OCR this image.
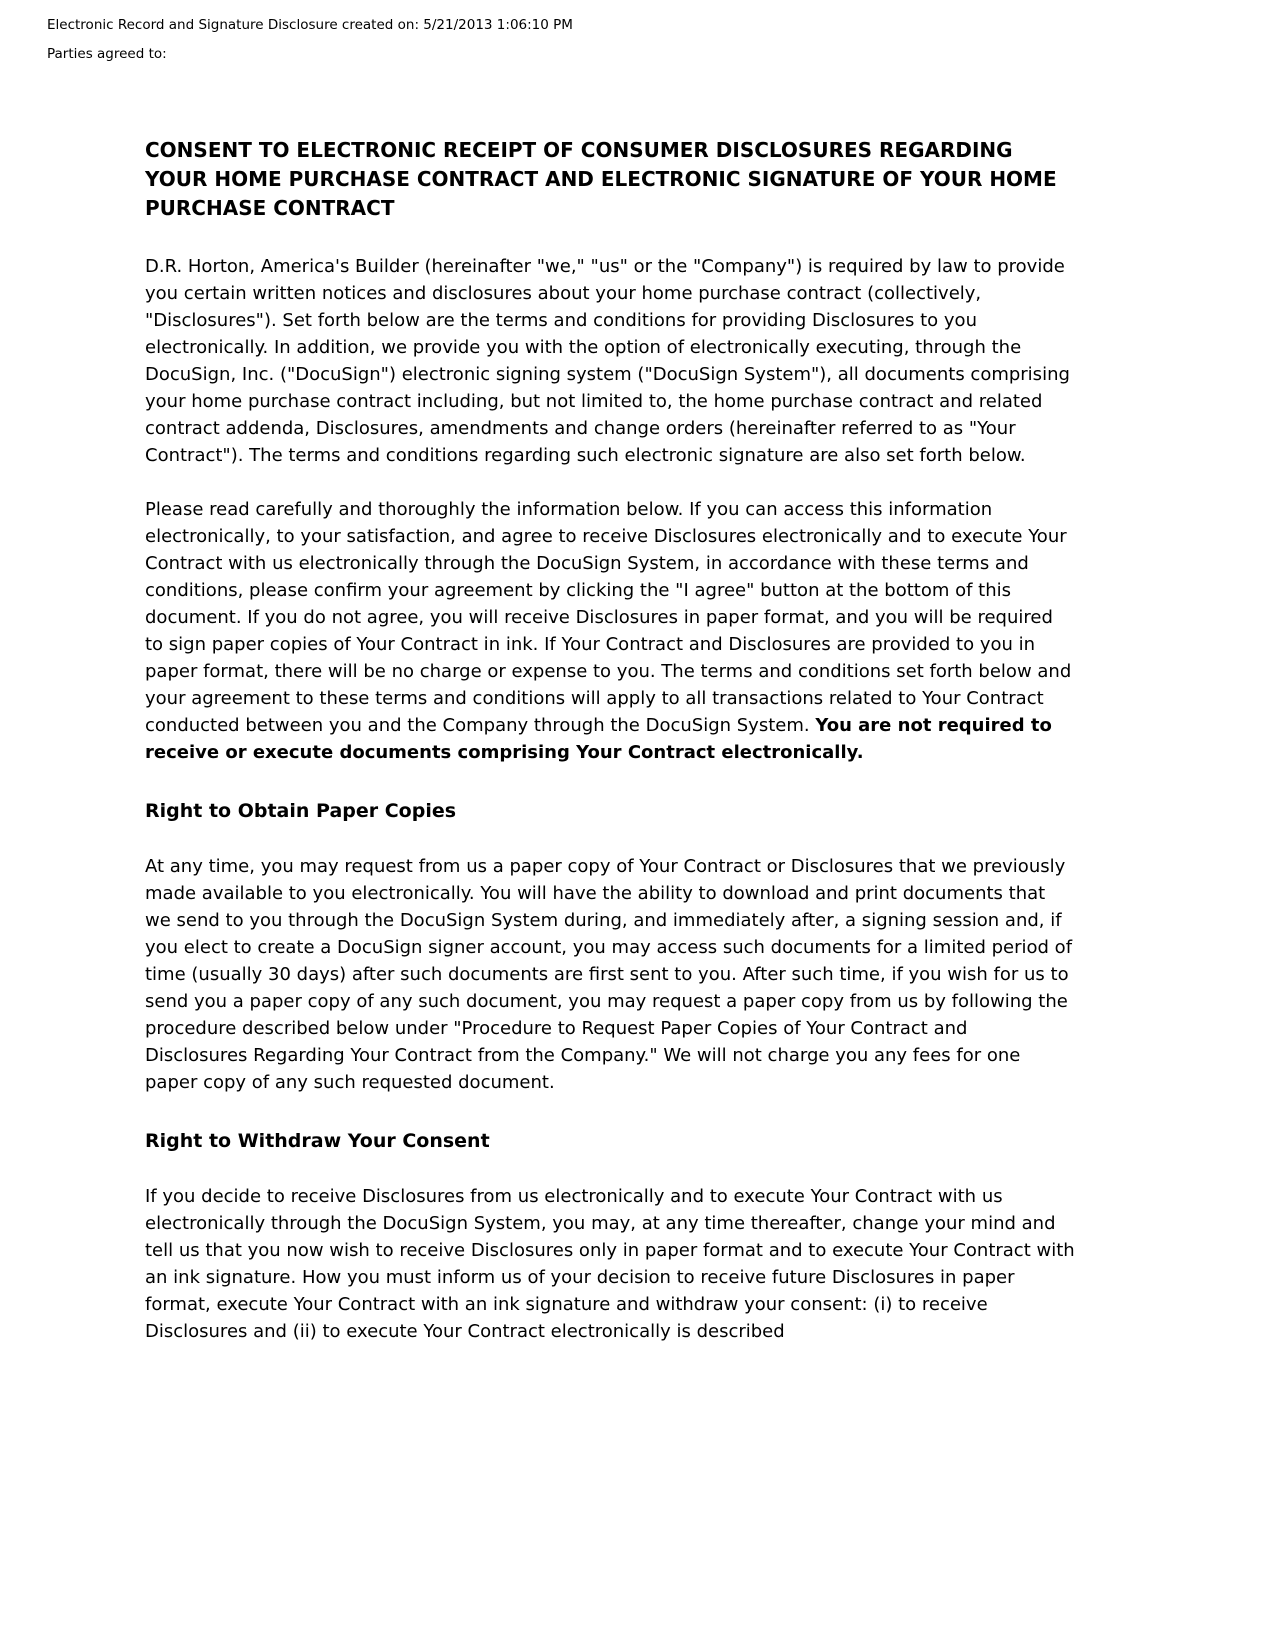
Electronic Record and Signature Disclosure created on: 5/21/2013 1:06:10 PM
Parties agreed to:
CONSENT TO ELECTRONIC RECEIPT OF CONSUMER DISCLOSURES REGARDING YOUR HOME PURCHASE CONTRACT AND ELECTRONIC SIGNATURE OF YOUR HOME PURCHASE CONTRACT

D.R. Horton, America's Builder (hereinafter "we," "us" or the "Company") is required by law to provide you certain written notices and disclosures about your home purchase contract (collectively, "Disclosures"). Set forth below are the terms and conditions for providing Disclosures to you electronically. In addition, we provide you with the option of electronically executing, through the DocuSign, Inc. ("DocuSign") electronic signing system ("DocuSign System"), all documents comprising your home purchase contract including, but not limited to, the home purchase contract and related contract addenda, Disclosures, amendments and change orders (hereinafter referred to as "Your Contract"). The terms and conditions regarding such electronic signature are also set forth below.

Please read carefully and thoroughly the information below. If you can access this information electronically, to your satisfaction, and agree to receive Disclosures electronically and to execute Your Contract with us electronically through the DocuSign System, in accordance with these terms and conditions, please confirm your agreement by clicking the "I agree" button at the bottom of this document. If you do not agree, you will receive Disclosures in paper format, and you will be required to sign paper copies of Your Contract in ink. If Your Contract and Disclosures are provided to you in paper format, there will be no charge or expense to you. The terms and conditions set forth below and your agreement to these terms and conditions will apply to all transactions related to Your Contract conducted between you and the Company through the DocuSign System. You are not required to receive or execute documents comprising Your Contract electronically.

Right to Obtain Paper Copies

At any time, you may request from us a paper copy of Your Contract or Disclosures that we previously made available to you electronically. You will have the ability to download and print documents that we send to you through the DocuSign System during, and immediately after, a signing session and, if you elect to create a DocuSign signer account, you may access such documents for a limited period of time (usually 30 days) after such documents are first sent to you. After such time, if you wish for us to send you a paper copy of any such document, you may request a paper copy from us by following the procedure described below under "Procedure to Request Paper Copies of Your Contract and Disclosures Regarding Your Contract from the Company." We will not charge you any fees for one paper copy of any such requested document.

Right to Withdraw Your Consent

If you decide to receive Disclosures from us electronically and to execute Your Contract with us electronically through the DocuSign System, you may, at any time thereafter, change your mind and tell us that you now wish to receive Disclosures only in paper format and to execute Your Contract with an ink signature. How you must inform us of your decision to receive future Disclosures in paper format, execute Your Contract with an ink signature and withdraw your consent: (i) to receive Disclosures and (ii) to execute Your Contract electronically is described
